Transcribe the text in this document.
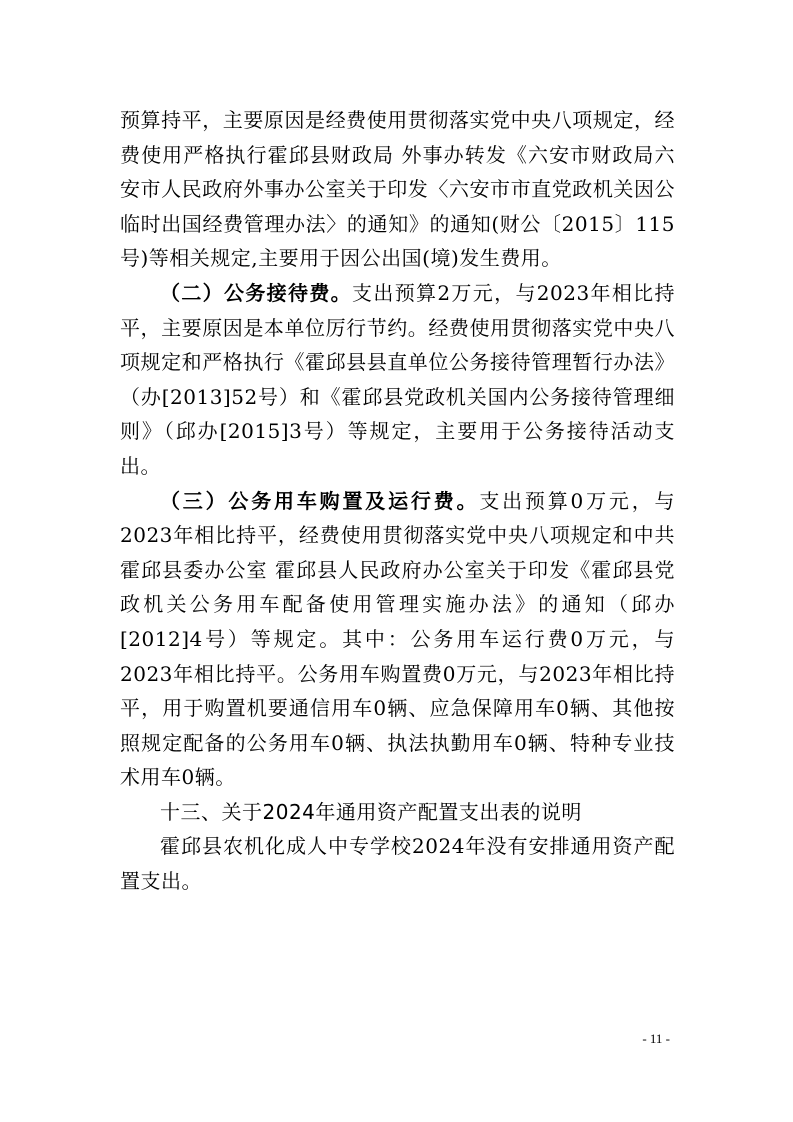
预算持平，主要原因是经费使用贯彻落实党中央八项规定，经费使用严格执行霍邱县财政局 外事办转发《六安市财政局六安市人民政府外事办公室关于印发〈六安市市直党政机关因公临时出国经费管理办法〉的通知》的通知(财公〔2015〕115号)等相关规定,主要用于因公出国(境)发生费用。

（二）公务接待费。支出预算2万元，与2023年相比持平，主要原因是本单位厉行节约。经费使用贯彻落实党中央八项规定和严格执行《霍邱县县直单位公务接待管理暂行办法》（办[2013]52号）和《霍邱县党政机关国内公务接待管理细则》（邱办[2015]3号）等规定，主要用于公务接待活动支出。

（三）公务用车购置及运行费。支出预算0万元，与2023年相比持平，经费使用贯彻落实党中央八项规定和中共霍邱县委办公室 霍邱县人民政府办公室关于印发《霍邱县党政机关公务用车配备使用管理实施办法》的通知（邱办[2012]4号）等规定。其中：公务用车运行费0万元，与2023年相比持平。公务用车购置费0万元，与2023年相比持平，用于购置机要通信用车0辆、应急保障用车0辆、其他按照规定配备的公务用车0辆、执法执勤用车0辆、特种专业技术用车0辆。

十三、关于2024年通用资产配置支出表的说明

霍邱县农机化成人中专学校2024年没有安排通用资产配置支出。

- 11 -
